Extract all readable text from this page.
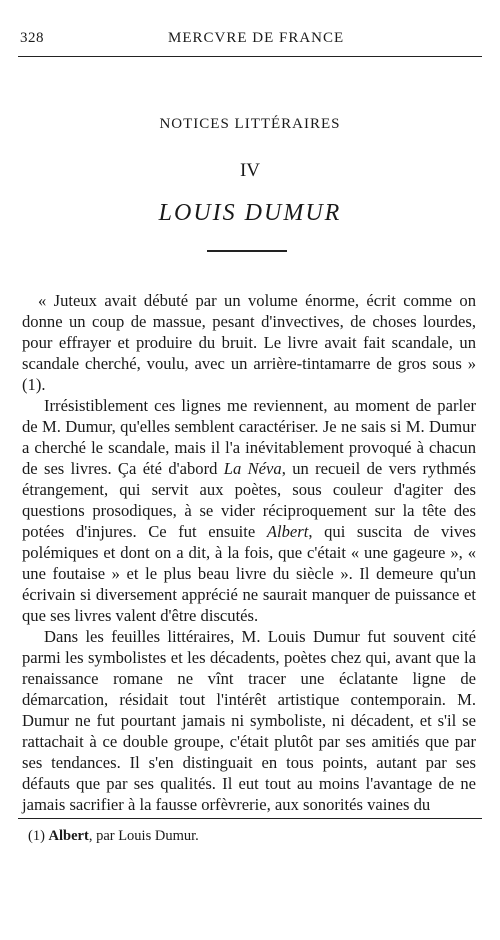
328	MERCVRE DE FRANCE
NOTICES LITTÉRAIRES
IV
LOUIS DUMUR

« Juteux avait débuté par un volume énorme, écrit comme on donne un coup de massue, pesant d'invectives, de choses lourdes, pour effrayer et produire du bruit. Le livre avait fait scandale, un scandale cherché, voulu, avec un arrière-tintamarre de gros sous » (1).

Irrésistiblement ces lignes me reviennent, au moment de parler de M. Dumur, qu'elles semblent caractériser. Je ne sais si M. Dumur a cherché le scandale, mais il l'a inévitablement provoqué à chacun de ses livres. Ça été d'abord La Néva, un recueil de vers rythmés étrangement, qui servit aux poètes, sous couleur d'agiter des questions prosodiques, à se vider réciproquement sur la tête des potées d'injures. Ce fut ensuite Albert, qui suscita de vives polémiques et dont on a dit, à la fois, que c'était « une gageure », « une foutaise » et le plus beau livre du siècle ». Il demeure qu'un écrivain si diversement apprécié ne saurait manquer de puissance et que ses livres valent d'être discutés.

Dans les feuilles littéraires, M. Louis Dumur fut souvent cité parmi les symbolistes et les décadents, poètes chez qui, avant que la renaissance romane ne vînt tracer une éclatante ligne de démarcation, résidait tout l'intérêt artistique contemporain. M. Dumur ne fut pourtant jamais ni symboliste, ni décadent, et s'il se rattachait à ce double groupe, c'était plutôt par ses amitiés que par ses tendances. Il s'en distinguait en tous points, autant par ses défauts que par ses qualités. Il eut tout au moins l'avantage de ne jamais sacrifier à la fausse orfèvrerie, aux sonorités vaines du

(1) Albert, par Louis Dumur.
